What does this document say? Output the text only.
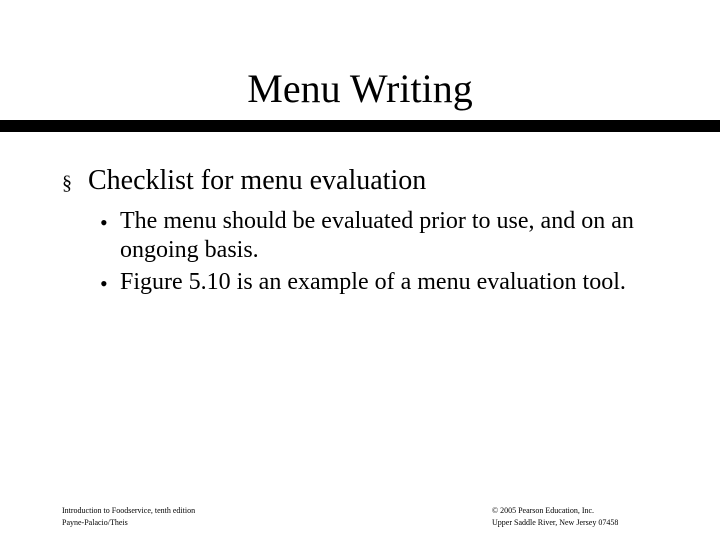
Menu Writing
§ Checklist for menu evaluation
• The menu should be evaluated prior to use, and on an ongoing basis.
• Figure 5.10 is an example of a menu evaluation tool.
Introduction to Foodservice, tenth edition
Payne-Palacio/Theis
© 2005 Pearson Education, Inc.
Upper Saddle River, New Jersey 07458
